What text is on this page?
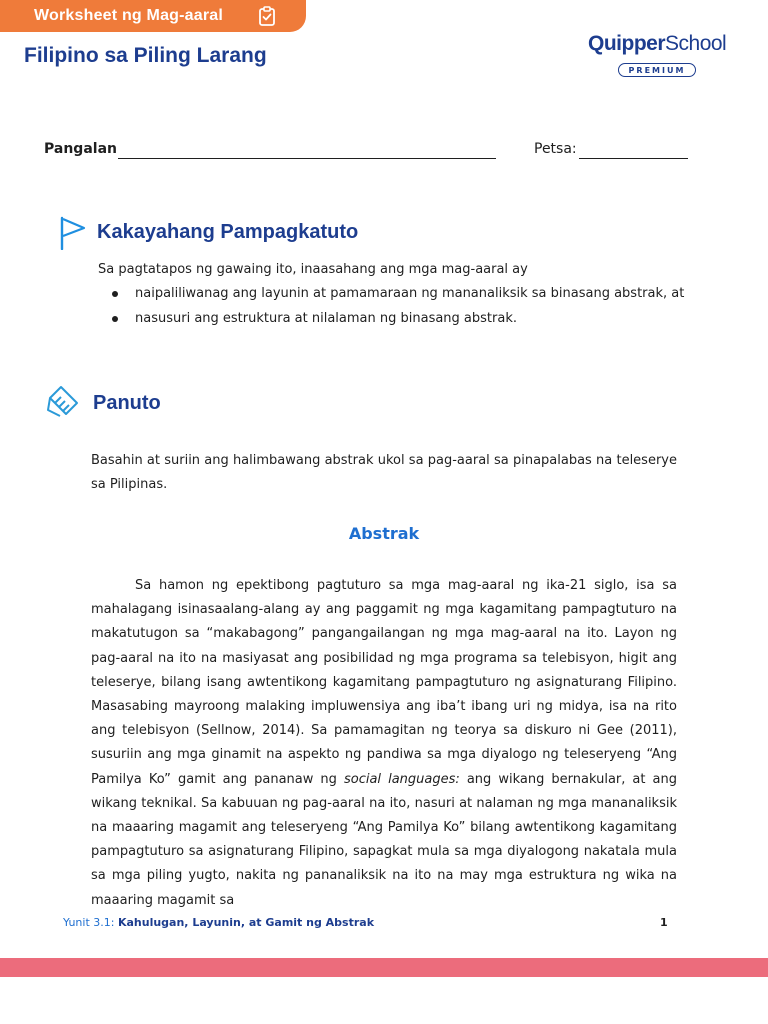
Worksheet ng Mag-aaral
Filipino sa Piling Larang
QuipperSchool
PREMIUM
Pangalan	Petsa:
Kakayahang Pampagkatuto
Sa pagtatapos ng gawaing ito, inaasahang ang mga mag-aaral ay
naipaliliwanag ang layunin at pamamaraan ng mananaliksik sa binasang abstrak, at
nasusuri ang estruktura at nilalaman ng binasang abstrak.
Panuto

Basahin at suriin ang halimbawang abstrak ukol sa pag-aaral sa pinapalabas na teleserye sa Pilipinas.

Abstrak

Sa hamon ng epektibong pagtuturo sa mga mag-aaral ng ika-21 siglo, isa sa mahalagang isinasaalang-alang ay ang paggamit ng mga kagamitang pampagtuturo na makatutugon sa “makabagong” pangangailangan ng mga mag-aaral na ito. Layon ng pag-aaral na ito na masiyasat ang posibilidad ng mga programa sa telebisyon, higit ang teleserye, bilang isang awtentikong kagamitang pampagtuturo ng asignaturang Filipino. Masasabing mayroong malaking impluwensiya ang iba’t ibang uri ng midya, isa na rito ang telebisyon (Sellnow, 2014). Sa pamamagitan ng teorya sa diskuro ni Gee (2011), susuriin ang mga ginamit na aspekto ng pandiwa sa mga diyalogo ng teleseryeng “Ang Pamilya Ko” gamit ang pananaw ng social languages: ang wikang bernakular, at ang wikang teknikal. Sa kabuuan ng pag-aaral na ito, nasuri at nalaman ng mga mananaliksik na maaaring magamit ang teleseryeng “Ang Pamilya Ko” bilang awtentikong kagamitang pampagtuturo sa asignaturang Filipino, sapagkat mula sa mga diyalogong nakatala mula sa mga piling yugto, nakita ng pananaliksik na ito na may mga estruktura ng wika na maaaring magamit sa

Yunit 3.1: Kahulugan, Layunin, at Gamit ng Abstrak	1
